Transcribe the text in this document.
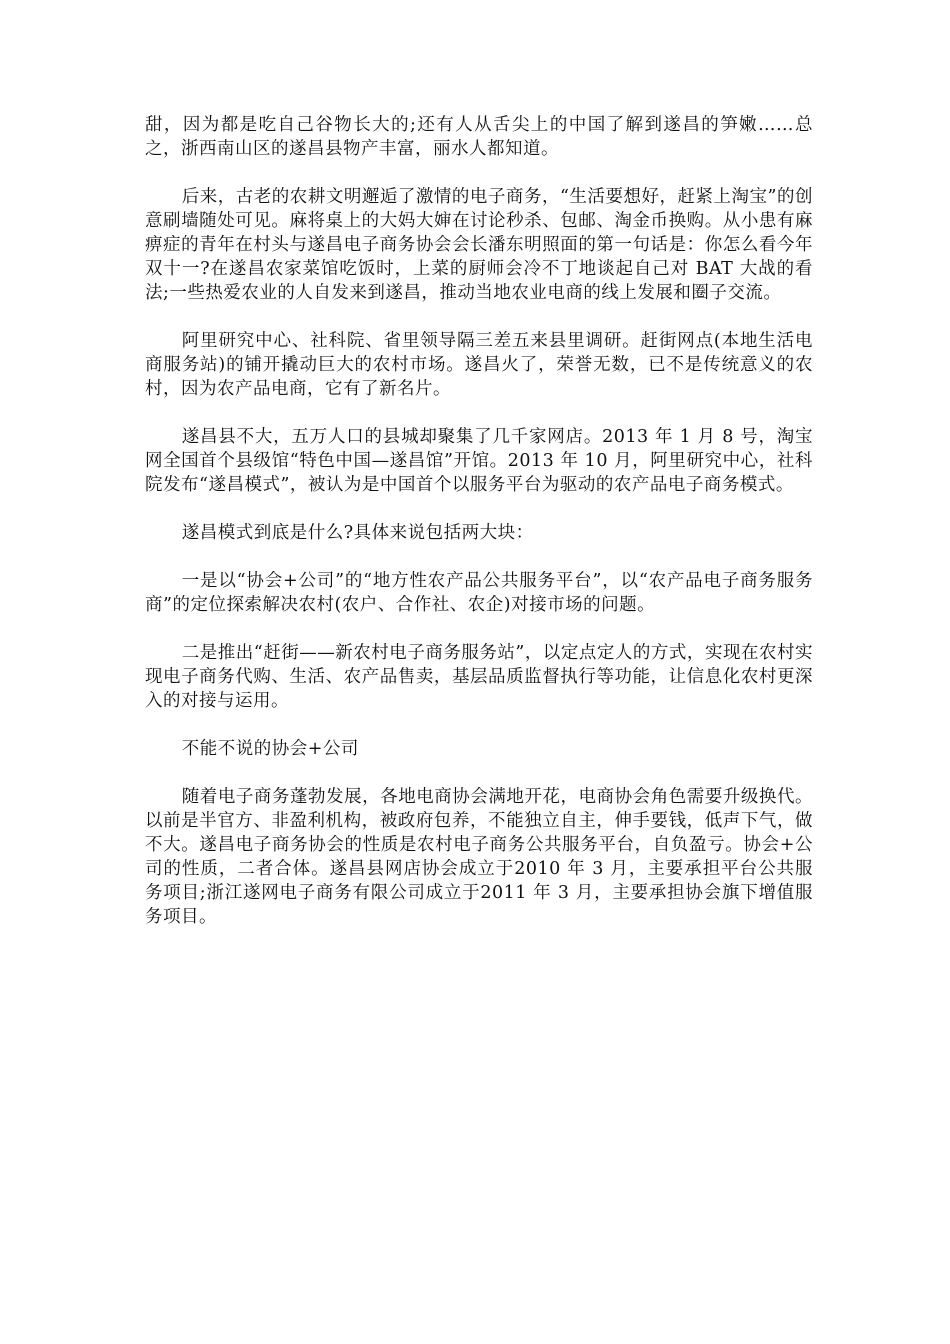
甜，因为都是吃自己谷物长大的;还有人从舌尖上的中国了解到遂昌的笋嫩……总之，浙西南山区的遂昌县物产丰富，丽水人都知道。

后来，古老的农耕文明邂逅了激情的电子商务，“生活要想好，赶紧上淘宝”的创意刷墙随处可见。麻将桌上的大妈大婶在讨论秒杀、包邮、淘金币换购。从小患有麻痹症的青年在村头与遂昌电子商务协会会长潘东明照面的第一句话是：你怎么看今年双十一?在遂昌农家菜馆吃饭时，上菜的厨师会冷不丁地谈起自己对 BAT 大战的看法;一些热爱农业的人自发来到遂昌，推动当地农业电商的线上发展和圈子交流。

阿里研究中心、社科院、省里领导隔三差五来县里调研。赶街网点(本地生活电商服务站)的铺开撬动巨大的农村市场。遂昌火了，荣誉无数，已不是传统意义的农村，因为农产品电商，它有了新名片。

遂昌县不大，五万人口的县城却聚集了几千家网店。2013 年 1 月 8 号，淘宝网全国首个县级馆“特色中国—遂昌馆”开馆。2013 年 10 月，阿里研究中心，社科院发布“遂昌模式”，被认为是中国首个以服务平台为驱动的农产品电子商务模式。

遂昌模式到底是什么?具体来说包括两大块：

一是以“协会+公司”的“地方性农产品公共服务平台”，以“农产品电子商务服务商”的定位探索解决农村(农户、合作社、农企)对接市场的问题。

二是推出“赶街——新农村电子商务服务站”，以定点定人的方式，实现在农村实现电子商务代购、生活、农产品售卖，基层品质监督执行等功能，让信息化农村更深入的对接与运用。

不能不说的协会+公司

随着电子商务蓬勃发展，各地电商协会满地开花，电商协会角色需要升级换代。以前是半官方、非盈利机构，被政府包养，不能独立自主，伸手要钱，低声下气，做不大。遂昌电子商务协会的性质是农村电子商务公共服务平台，自负盈亏。协会+公司的性质，二者合体。遂昌县网店协会成立于2010 年 3 月，主要承担平台公共服务项目;浙江遂网电子商务有限公司成立于2011 年 3 月，主要承担协会旗下增值服务项目。
